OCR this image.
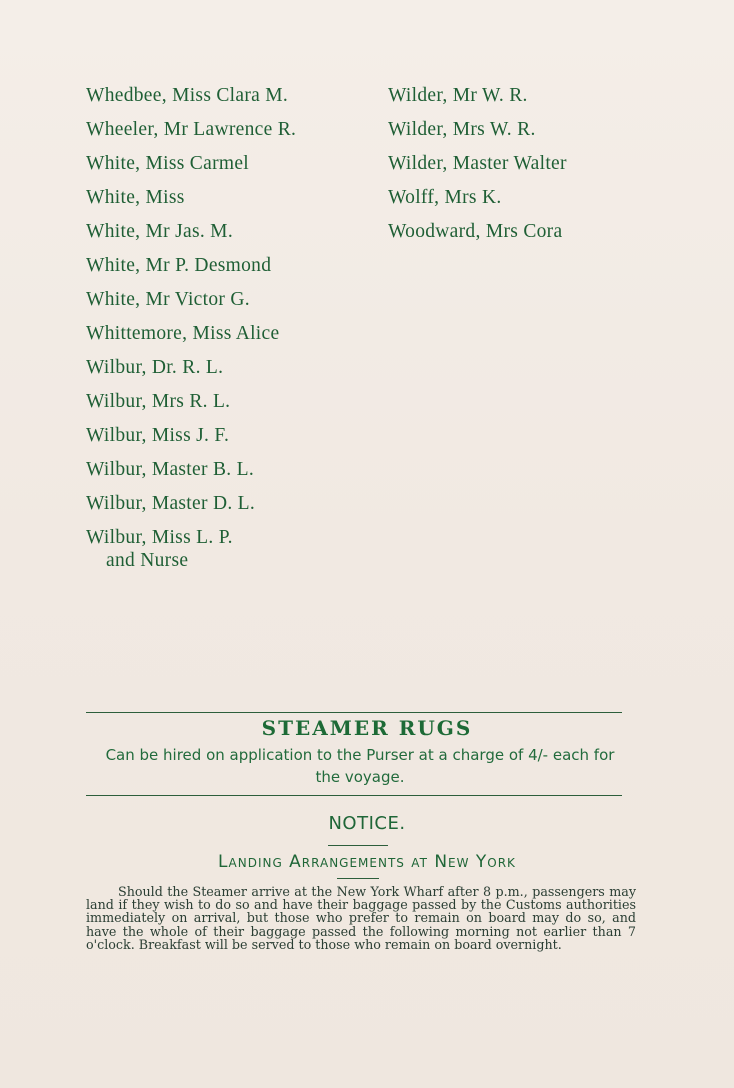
Whedbee, Miss Clara M.
Wheeler, Mr Lawrence R.
White, Miss Carmel
White, Miss
White, Mr Jas. M.
White, Mr P. Desmond
White, Mr Victor G.
Whittemore, Miss Alice
Wilbur, Dr. R. L.
Wilbur, Mrs R. L.
Wilbur, Miss J. F.
Wilbur, Master B. L.
Wilbur, Master D. L.
Wilbur, Miss L. P.
and Nurse
Wilder, Mr W. R.
Wilder, Mrs W. R.
Wilder, Master Walter
Wolff, Mrs K.
Woodward, Mrs Cora
STEAMER RUGS
Can be hired on application to the Purser at a charge of 4/- each for the voyage.
NOTICE.
Landing Arrangements at New York
Should the Steamer arrive at the New York Wharf after 8 p.m., passengers may land if they wish to do so and have their baggage passed by the Customs authorities immediately on arrival, but those who prefer to remain on board may do so, and have the whole of their baggage passed the following morning not earlier than 7 o'clock. Breakfast will be served to those who remain on board overnight.
